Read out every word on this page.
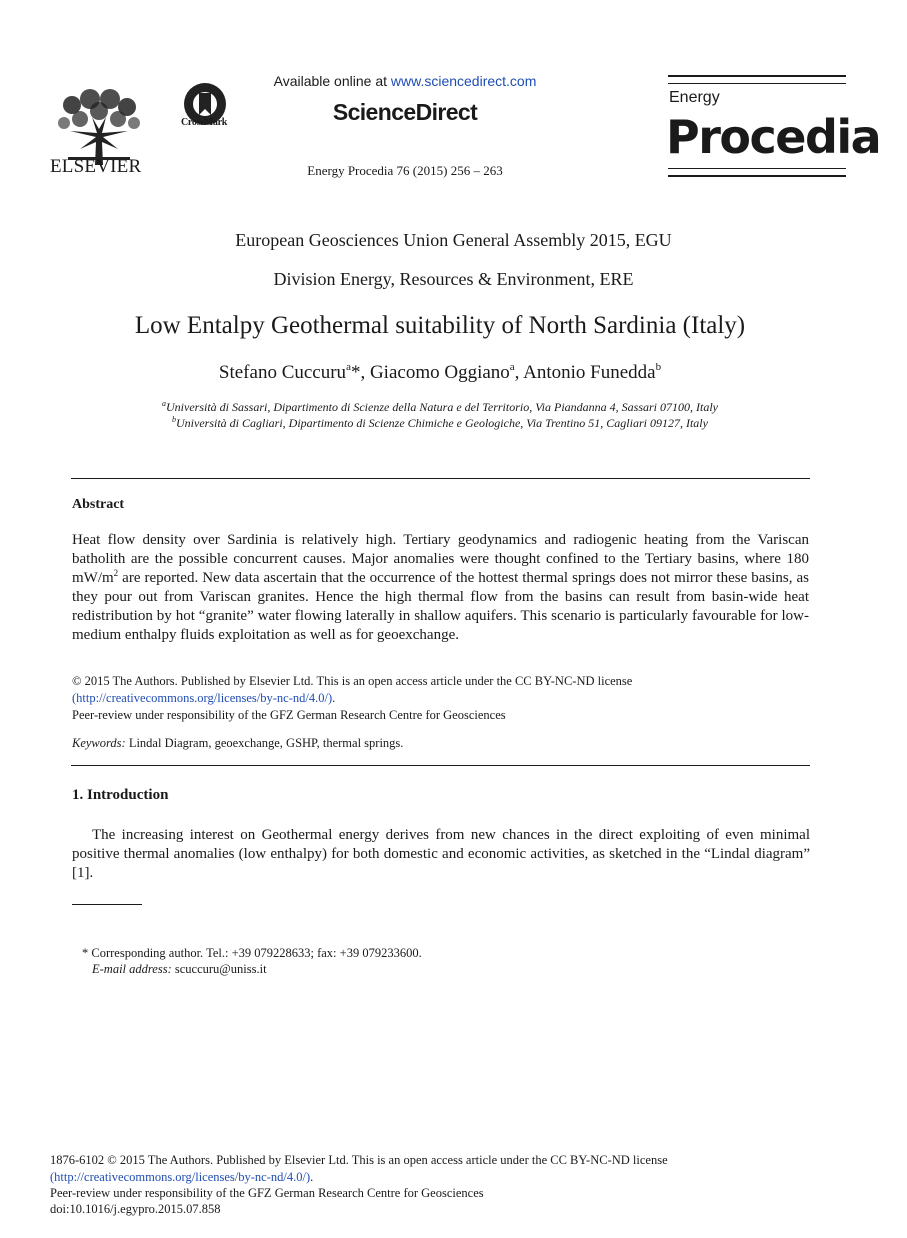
ELSEVIER
CrossMark
Available online at www.sciencedirect.com
ScienceDirect
Energy Procedia 76 (2015) 256 – 263
Energy
Procedia
European Geosciences Union General Assembly 2015, EGU
Division Energy, Resources & Environment, ERE
Low Entalpy Geothermal suitability of North Sardinia (Italy)
Stefano Cuccuru$^a$*, Giacomo Oggiano$^a$, Antonio Funedda$^b$
$^a$Università di Sassari, Dipartimento di Scienze della Natura e del Territorio, Via Piandanna 4, Sassari 07100, Italy
$^b$Università di Cagliari, Dipartimento di Scienze Chimiche e Geologiche, Via Trentino 51, Cagliari 09127, Italy
Abstract
Heat flow density over Sardinia is relatively high. Tertiary geodynamics and radiogenic heating from the Variscan batholith are the possible concurrent causes. Major anomalies were thought confined to the Tertiary basins, where 180 $mW/m^2$ are reported. New data ascertain that the occurrence of the hottest thermal springs does not mirror these basins, as they pour out from Variscan granites. Hence the high thermal flow from the basins can result from basin-wide heat redistribution by hot “granite” water flowing laterally in shallow aquifers. This scenario is particularly favourable for low-medium enthalpy fluids exploitation as well as for geoexchange.
© 2015 The Authors. Published by Elsevier Ltd. This is an open access article under the CC BY-NC-ND license
(http://creativecommons.org/licenses/by-nc-nd/4.0/).
Peer-review under responsibility of the GFZ German Research Centre for Geosciences
Keywords: Lindal Diagram, geoexchange, GSHP, thermal springs.
1. Introduction
The increasing interest on Geothermal energy derives from new chances in the direct exploiting of even minimal positive thermal anomalies (low enthalpy) for both domestic and economic activities, as sketched in the “Lindal diagram” [1].
* Corresponding author. Tel.: +39 079228633; fax: +39 079233600.
E-mail address: scuccuru@uniss.it
1876-6102 © 2015 The Authors. Published by Elsevier Ltd. This is an open access article under the CC BY-NC-ND license
(http://creativecommons.org/licenses/by-nc-nd/4.0/).
Peer-review under responsibility of the GFZ German Research Centre for Geosciences
doi:10.1016/j.egypro.2015.07.858
